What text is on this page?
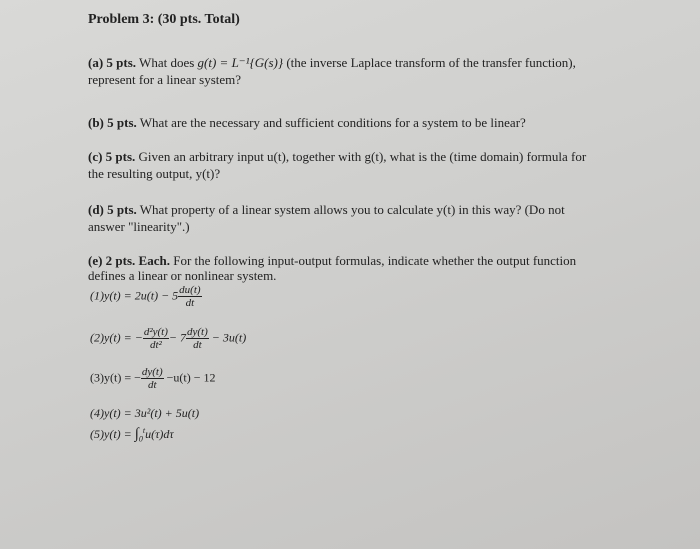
Problem 3: (30 pts. Total)
(a) 5 pts. What does g(t) = L⁻¹{G(s)} (the inverse Laplace transform of the transfer function),
represent for a linear system?
(b) 5 pts. What are the necessary and sufficient conditions for a system to be linear?
(c) 5 pts. Given an arbitrary input u(t), together with g(t), what is the (time domain) formula for
the resulting output, y(t)?
(d) 5 pts. What property of a linear system allows you to calculate y(t) in this way? (Do not
answer "linearity".)
(e) 2 pts. Each. For the following input-output formulas, indicate whether the output function
defines a linear or nonlinear system.
$(1)y(t) = 2u(t) - 5 \frac{du(t)}{dt}$
(2)y(t) = − $\frac{\text{d²y(t)}}{\text{dt²}} - 7 \frac{dy(t)}{dt} - 3u(t)$
(3)y(t) = − $\frac{dy(t)}{dt} -u(t) - 12$
(4)y(t) = 3u²(t) + 5u(t)
$(5)y(t) = \int_0^tu(\tau)d\tau$
